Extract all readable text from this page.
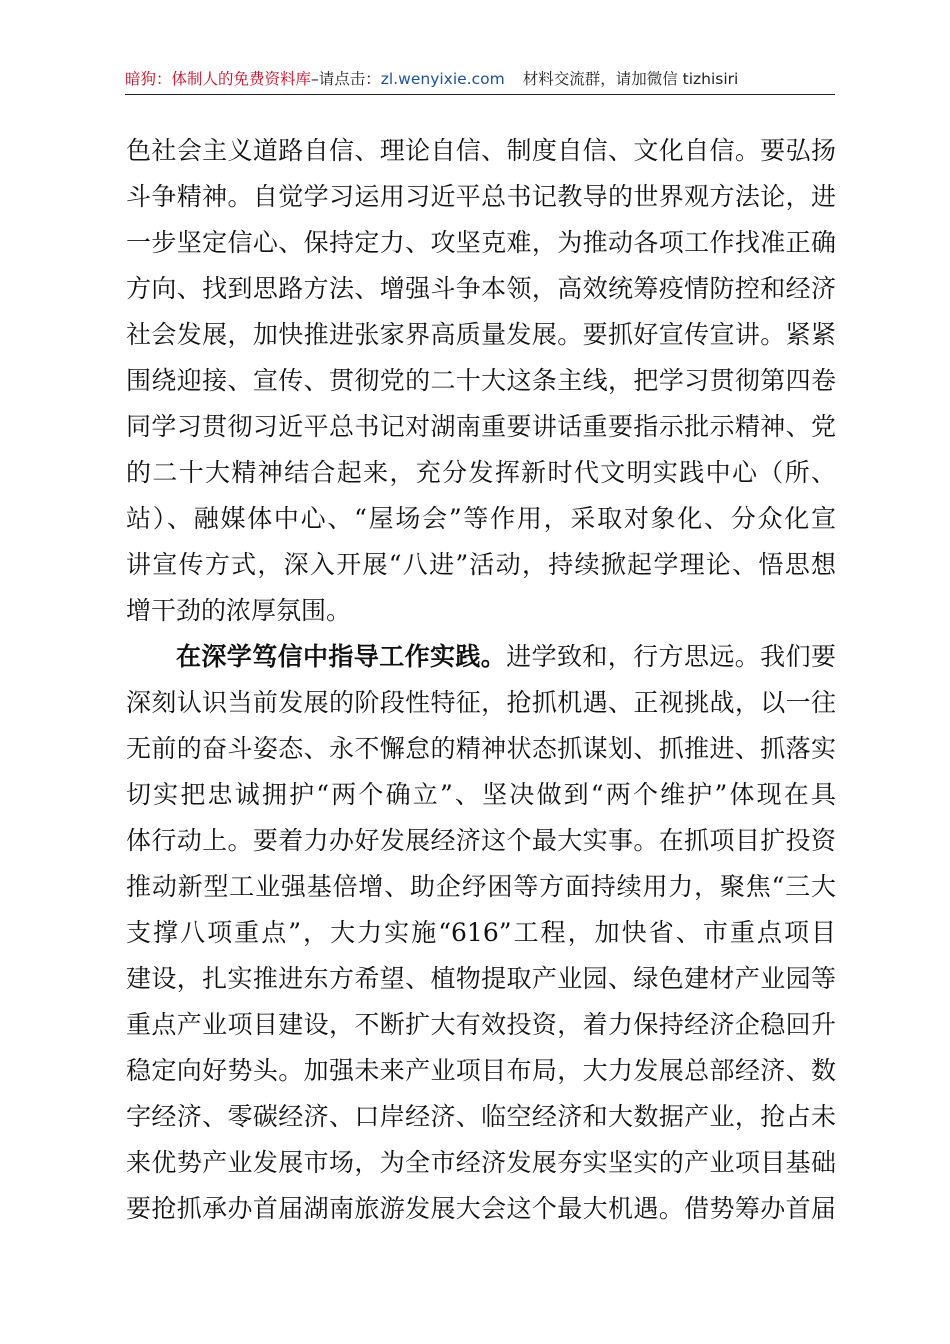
暗狗：体制人的免费资料库–请点击：zl.wenyixie.com 材料交流群，请加微信 tizhisiri
色社会主义道路自信、理论自信、制度自信、文化自信。要弘扬
斗争精神。自觉学习运用习近平总书记教导的世界观方法论，进
一步坚定信心、保持定力、攻坚克难，为推动各项工作找准正确
方向、找到思路方法、增强斗争本领，高效统筹疫情防控和经济
社会发展，加快推进张家界高质量发展。要抓好宣传宣讲。紧紧
围绕迎接、宣传、贯彻党的二十大这条主线，把学习贯彻第四卷
同学习贯彻习近平总书记对湖南重要讲话重要指示批示精神、党
的二十大精神结合起来，充分发挥新时代文明实践中心（所、
站）、融媒体中心、“屋场会”等作用，采取对象化、分众化宣
讲宣传方式，深入开展“八进”活动，持续掀起学理论、悟思想
增干劲的浓厚氛围。
在深学笃信中指导工作实践。进学致和，行方思远。我们要
深刻认识当前发展的阶段性特征，抢抓机遇、正视挑战，以一往
无前的奋斗姿态、永不懈怠的精神状态抓谋划、抓推进、抓落实
切实把忠诚拥护“两个确立”、坚决做到“两个维护”体现在具
体行动上。要着力办好发展经济这个最大实事。在抓项目扩投资
推动新型工业强基倍增、助企纾困等方面持续用力，聚焦“三大
支撑八项重点”，大力实施“616”工程，加快省、市重点项目
建设，扎实推进东方希望、植物提取产业园、绿色建材产业园等
重点产业项目建设，不断扩大有效投资，着力保持经济企稳回升
稳定向好势头。加强未来产业项目布局，大力发展总部经济、数
字经济、零碳经济、口岸经济、临空经济和大数据产业，抢占未
来优势产业发展市场，为全市经济发展夯实坚实的产业项目基础
要抢抓承办首届湖南旅游发展大会这个最大机遇。借势筹办首届
